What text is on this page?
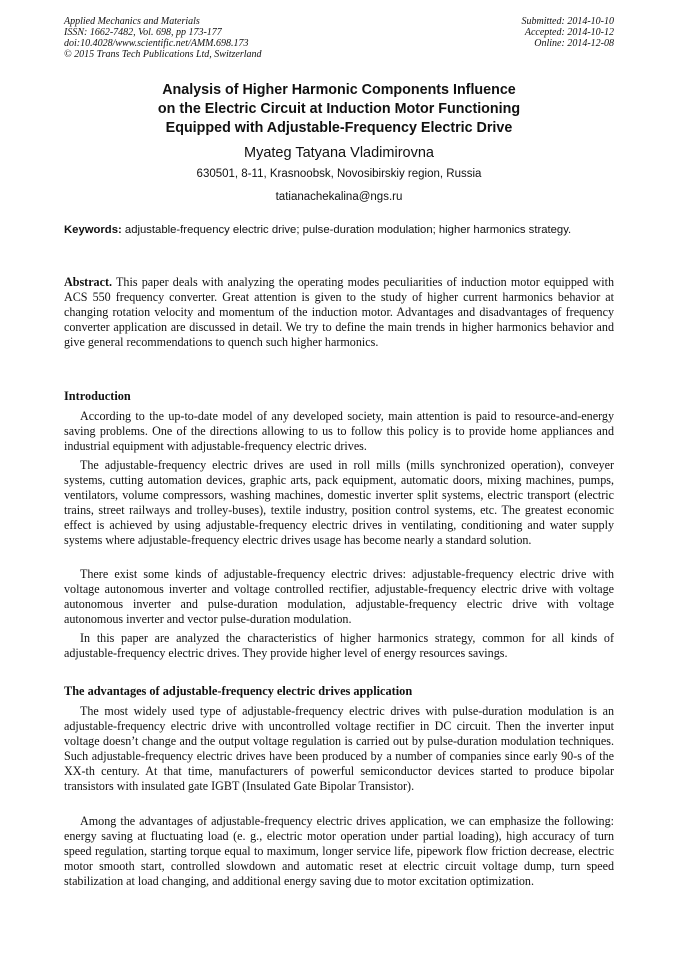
Applied Mechanics and Materials
ISSN: 1662-7482, Vol. 698, pp 173-177
doi:10.4028/www.scientific.net/AMM.698.173
© 2015 Trans Tech Publications Ltd, Switzerland
Submitted: 2014-10-10
Accepted: 2014-10-12
Online: 2014-12-08
Analysis of Higher Harmonic Components Influence
on the Electric Circuit at Induction Motor Functioning
Equipped with Adjustable-Frequency Electric Drive
Myateg Tatyana Vladimirovna
630501, 8-11, Krasnoobsk, Novosibirskiy region, Russia
tatianachekalina@ngs.ru
Keywords: adjustable-frequency electric drive; pulse-duration modulation; higher harmonics strategy.
Abstract. This paper deals with analyzing the operating modes peculiarities of induction motor equipped with ACS 550 frequency converter. Great attention is given to the study of higher current harmonics behavior at changing rotation velocity and momentum of the induction motor. Advantages and disadvantages of frequency converter application are discussed in detail. We try to define the main trends in higher harmonics behavior and give general recommendations to quench such higher harmonics.
Introduction
According to the up-to-date model of any developed society, main attention is paid to resource-and-energy saving problems. One of the directions allowing to us to follow this policy is to provide home appliances and industrial equipment with adjustable-frequency electric drives.
The adjustable-frequency electric drives are used in roll mills (mills synchronized operation), conveyer systems, cutting automation devices, graphic arts, pack equipment, automatic doors, mixing machines, pumps, ventilators, volume compressors, washing machines, domestic inverter split systems, electric transport (electric trains, street railways and trolley-buses), textile industry, position control systems, etc. The greatest economic effect is achieved by using adjustable-frequency electric drives in ventilating, conditioning and water supply systems where adjustable-frequency electric drives usage has become nearly a standard solution.
There exist some kinds of adjustable-frequency electric drives: adjustable-frequency electric drive with voltage autonomous inverter and voltage controlled rectifier, adjustable-frequency electric drive with voltage autonomous inverter and pulse-duration modulation, adjustable-frequency electric drive with voltage autonomous inverter and vector pulse-duration modulation.
In this paper are analyzed the characteristics of higher harmonics strategy, common for all kinds of adjustable-frequency electric drives. They provide higher level of energy resources savings.
The advantages of adjustable-frequency electric drives application
The most widely used type of adjustable-frequency electric drives with pulse-duration modulation is an adjustable-frequency electric drive with uncontrolled voltage rectifier in DC circuit. Then the inverter input voltage doesn’t change and the output voltage regulation is carried out by pulse-duration modulation techniques. Such adjustable-frequency electric drives have been produced by a number of companies since early 90-s of the XX-th century. At that time, manufacturers of powerful semiconductor devices started to produce bipolar transistors with insulated gate IGBT (Insulated Gate Bipolar Transistor).
Among the advantages of adjustable-frequency electric drives application, we can emphasize the following: energy saving at fluctuating load (e. g., electric motor operation under partial loading), high accuracy of turn speed regulation, starting torque equal to maximum, longer service life, pipework flow friction decrease, electric motor smooth start, controlled slowdown and automatic reset at electric circuit voltage dump, turn speed stabilization at load changing, and additional energy saving due to motor excitation optimization.
